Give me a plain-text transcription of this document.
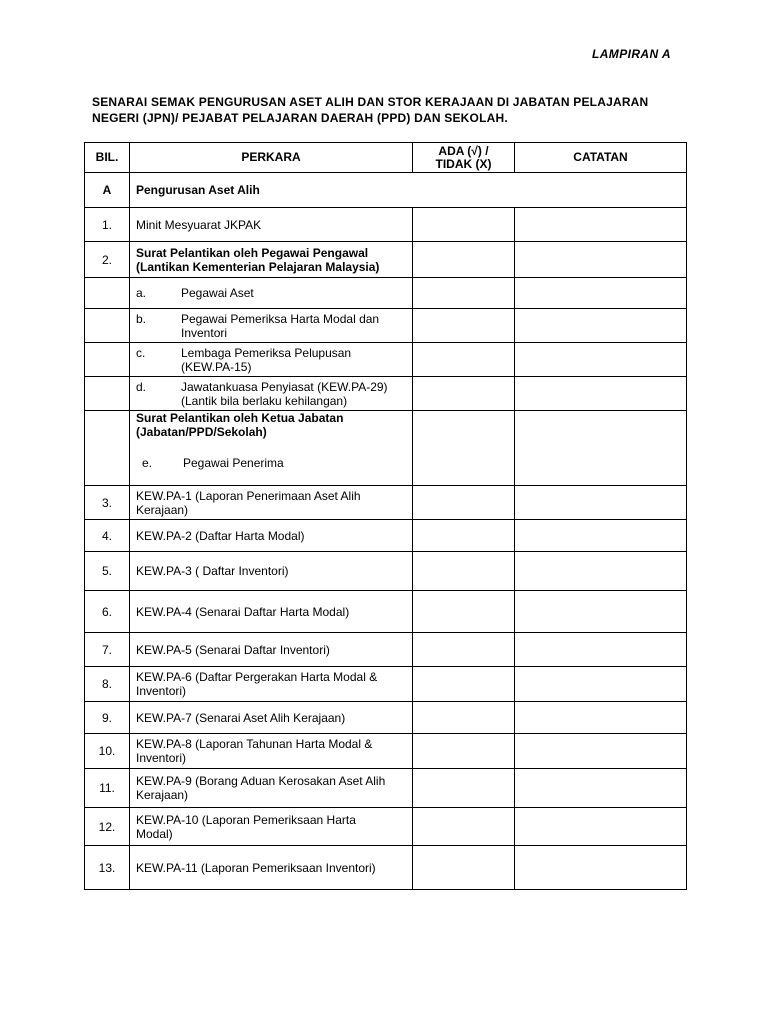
LAMPIRAN A
SENARAI SEMAK PENGURUSAN ASET ALIH DAN STOR KERAJAAN DI JABATAN PELAJARAN
NEGERI (JPN)/ PEJABAT PELAJARAN DAERAH (PPD) DAN SEKOLAH.
BIL.	PERKARA	ADA (√) /
TIDAK (X)	CATATAN
A	Pengurusan Aset Alih		
1.	Minit Mesyuarat JKPAK		
2.	Surat Pelantikan oleh Pegawai Pengawal
(Lantikan Kementerian Pelajaran Malaysia)		

	a. Pegawai Aset		

	b. Pegawai Pemeriksa Harta Modal dan
Inventori		

	c. Lembaga Pemeriksa Pelupusan
(KEW.PA-15)		

	d. Jawatankuasa Penyiasat (KEW.PA-29)
(Lantik bila berlaku kehilangan)		

	Surat Pelantikan oleh Ketua Jabatan
(Jabatan/PPD/Sekolah)
e. Pegawai Penerima		

3.	KEW.PA-1 (Laporan Penerimaan Aset Alih
Kerajaan)		

4.	KEW.PA-2 (Daftar Harta Modal)		
5.	KEW.PA-3 ( Daftar Inventori)		
6.	KEW.PA-4 (Senarai Daftar Harta Modal)		
7.	KEW.PA-5 (Senarai Daftar Inventori)		
8.	KEW.PA-6 (Daftar Pergerakan Harta Modal &
Inventori)		

9.	KEW.PA-7 (Senarai Aset Alih Kerajaan)		
10.	KEW.PA-8 (Laporan Tahunan Harta Modal &
Inventori)		

11.	KEW.PA-9 (Borang Aduan Kerosakan Aset Alih
Kerajaan)		

12.	KEW.PA-10 (Laporan Pemeriksaan Harta
Modal)		

13.	KEW.PA-11 (Laporan Pemeriksaan Inventori)		
